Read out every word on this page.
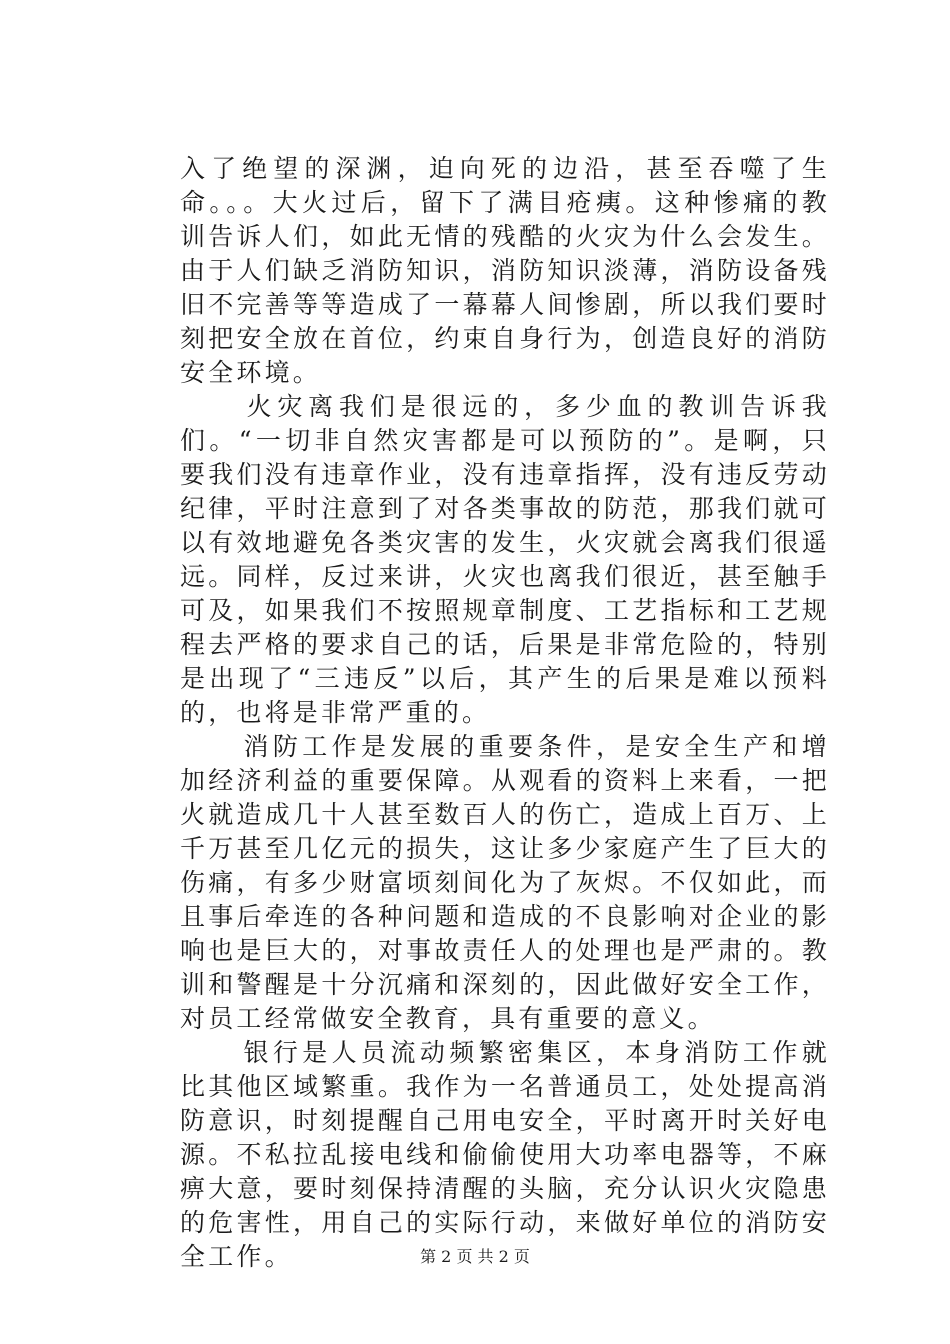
入了绝望的深渊，迫向死的边沿，甚至吞噬了生命。。。大火过后，留下了满目疮痍。这种惨痛的教训告诉人们，如此无情的残酷的火灾为什么会发生。由于人们缺乏消防知识，消防知识淡薄，消防设备残旧不完善等等造成了一幕幕人间惨剧，所以我们要时刻把安全放在首位，约束自身行为，创造良好的消防安全环境。

火灾离我们是很远的，多少血的教训告诉我们。“一切非自然灾害都是可以预防的”。是啊，只要我们没有违章作业，没有违章指挥，没有违反劳动纪律，平时注意到了对各类事故的防范，那我们就可以有效地避免各类灾害的发生，火灾就会离我们很遥远。同样，反过来讲，火灾也离我们很近，甚至触手可及，如果我们不按照规章制度、工艺指标和工艺规程去严格的要求自己的话，后果是非常危险的，特别是出现了“三违反”以后，其产生的后果是难以预料的，也将是非常严重的。

消防工作是发展的重要条件，是安全生产和增加经济利益的重要保障。从观看的资料上来看，一把火就造成几十人甚至数百人的伤亡，造成上百万、上千万甚至几亿元的损失，这让多少家庭产生了巨大的伤痛，有多少财富顷刻间化为了灰烬。不仅如此，而且事后牵连的各种问题和造成的不良影响对企业的影响也是巨大的，对事故责任人的处理也是严肃的。教训和警醒是十分沉痛和深刻的，因此做好安全工作，对员工经常做安全教育，具有重要的意义。

银行是人员流动频繁密集区，本身消防工作就比其他区域繁重。我作为一名普通员工，处处提高消防意识，时刻提醒自己用电安全，平时离开时关好电源。不私拉乱接电线和偷偷使用大功率电器等，不麻痹大意，要时刻保持清醒的头脑，充分认识火灾隐患的危害性，用自己的实际行动，来做好单位的消防安全工作。	第 2 页 共 2 页
